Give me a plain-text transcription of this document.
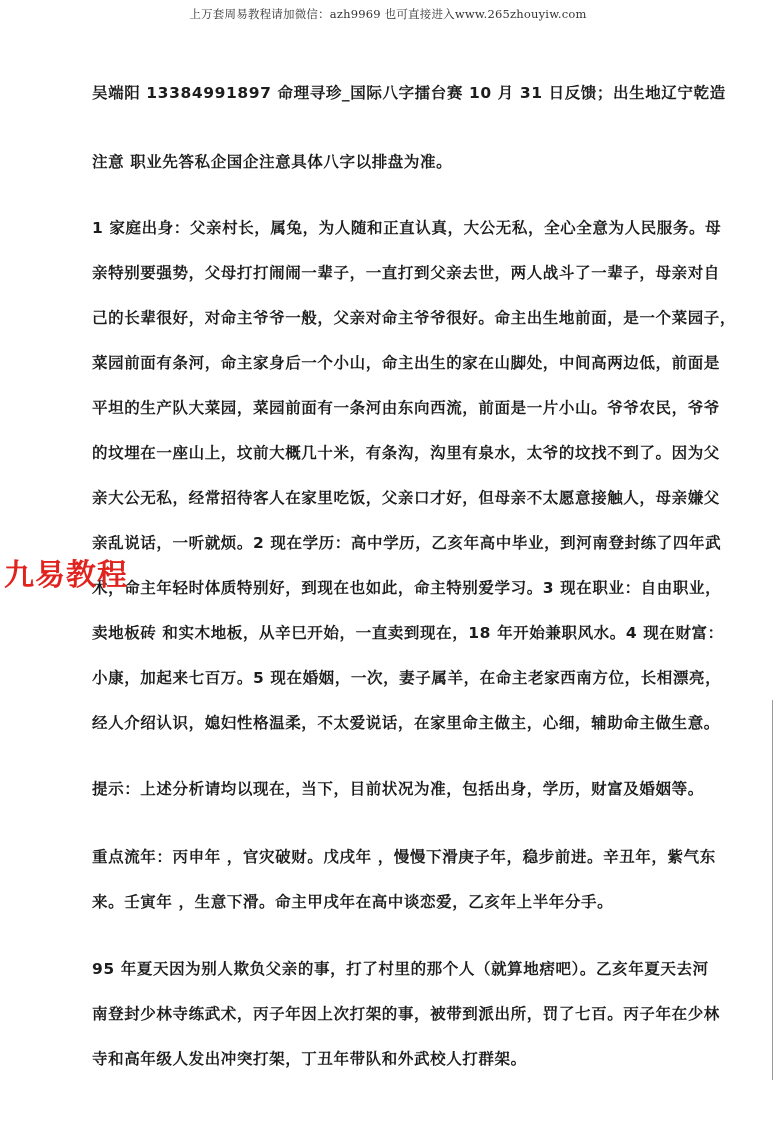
上万套周易教程请加微信：azh9969 也可直接进入www.265zhouyiw.com
吴端阳 13384991897 命理寻珍_国际八字擂台赛 10 月 31 日反馈；出生地辽宁乾造
注意 职业先答私企国企注意具体八字以排盘为准。
1 家庭出身：父亲村长，属兔，为人随和正直认真，大公无私，全心全意为人民服务。母
亲特别要强势，父母打打闹闹一辈子，一直打到父亲去世，两人战斗了一辈子，母亲对自
己的长辈很好，对命主爷爷一般，父亲对命主爷爷很好。命主出生地前面，是一个菜园子，
菜园前面有条河，命主家身后一个小山，命主出生的家在山脚处，中间高两边低，前面是
平坦的生产队大菜园，菜园前面有一条河由东向西流，前面是一片小山。爷爷农民，爷爷
的坟埋在一座山上，坟前大概几十米，有条沟，沟里有泉水，太爷的坟找不到了。因为父
亲大公无私，经常招待客人在家里吃饭，父亲口才好，但母亲不太愿意接触人，母亲嫌父
亲乱说话，一听就烦。2 现在学历：高中学历，乙亥年高中毕业，到河南登封练了四年武
术，命主年轻时体质特别好，到现在也如此，命主特别爱学习。3 现在职业：自由职业，
卖地板砖 和实木地板，从辛巳开始，一直卖到现在，18 年开始兼职风水。4 现在财富：
小康，加起来七百万。5 现在婚姻，一次，妻子属羊，在命主老家西南方位，长相漂亮，
经人介绍认识，媳妇性格温柔，不太爱说话，在家里命主做主，心细，辅助命主做生意。
提示：上述分析请均以现在，当下，目前状况为准，包括出身，学历，财富及婚姻等。
重点流年：丙申年 ，官灾破财。戊戌年 ，慢慢下滑庚子年，稳步前进。辛丑年，紫气东
来。壬寅年 ，生意下滑。命主甲戌年在高中谈恋爱，乙亥年上半年分手。
95 年夏天因为别人欺负父亲的事，打了村里的那个人（就算地痞吧）。乙亥年夏天去河
南登封少林寺练武术，丙子年因上次打架的事，被带到派出所，罚了七百。丙子年在少林
寺和高年级人发出冲突打架，丁丑年带队和外武校人打群架。
九易教程
